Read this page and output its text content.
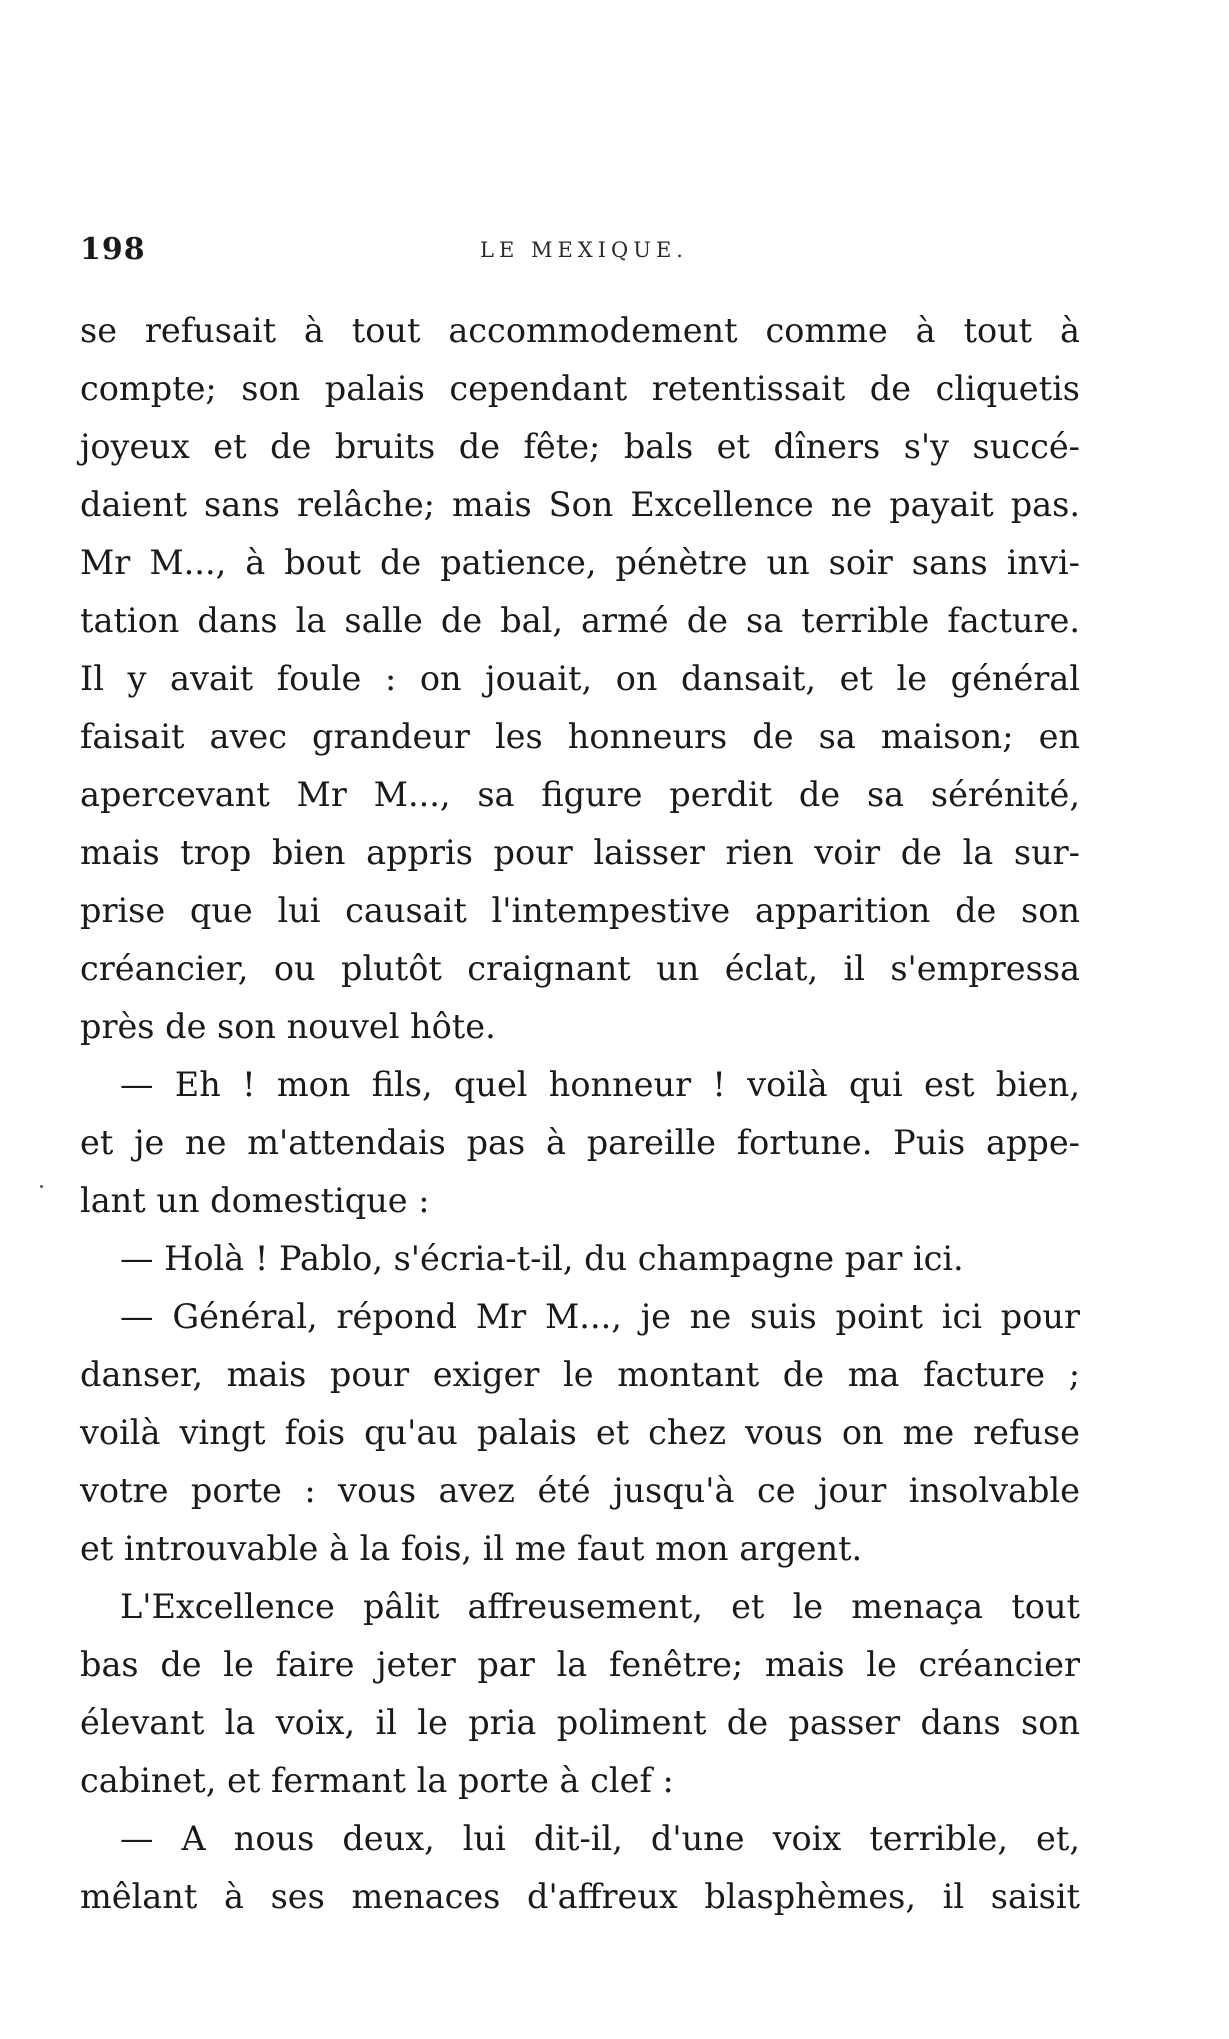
198	LE MEXIQUE.
se refusait à tout accommodement comme à tout à
compte; son palais cependant retentissait de cliquetis
joyeux et de bruits de fête; bals et dîners s'y succé-
daient sans relâche; mais Son Excellence ne payait pas.
Mr M..., à bout de patience, pénètre un soir sans invi-
tation dans la salle de bal, armé de sa terrible facture.
Il y avait foule : on jouait, on dansait, et le général
faisait avec grandeur les honneurs de sa maison; en
apercevant Mr M..., sa figure perdit de sa sérénité,
mais trop bien appris pour laisser rien voir de la sur-
prise que lui causait l'intempestive apparition de son
créancier, ou plutôt craignant un éclat, il s'empressa
près de son nouvel hôte.
— Eh ! mon fils, quel honneur ! voilà qui est bien,
et je ne m'attendais pas à pareille fortune. Puis appe-
lant un domestique :
— Holà ! Pablo, s'écria-t-il, du champagne par ici.
— Général, répond Mr M..., je ne suis point ici pour
danser, mais pour exiger le montant de ma facture ;
voilà vingt fois qu'au palais et chez vous on me refuse
votre porte : vous avez été jusqu'à ce jour insolvable
et introuvable à la fois, il me faut mon argent.
L'Excellence pâlit affreusement, et le menaça tout
bas de le faire jeter par la fenêtre; mais le créancier
élevant la voix, il le pria poliment de passer dans son
cabinet, et fermant la porte à clef :
— A nous deux, lui dit-il, d'une voix terrible, et,
mêlant à ses menaces d'affreux blasphèmes, il saisit
